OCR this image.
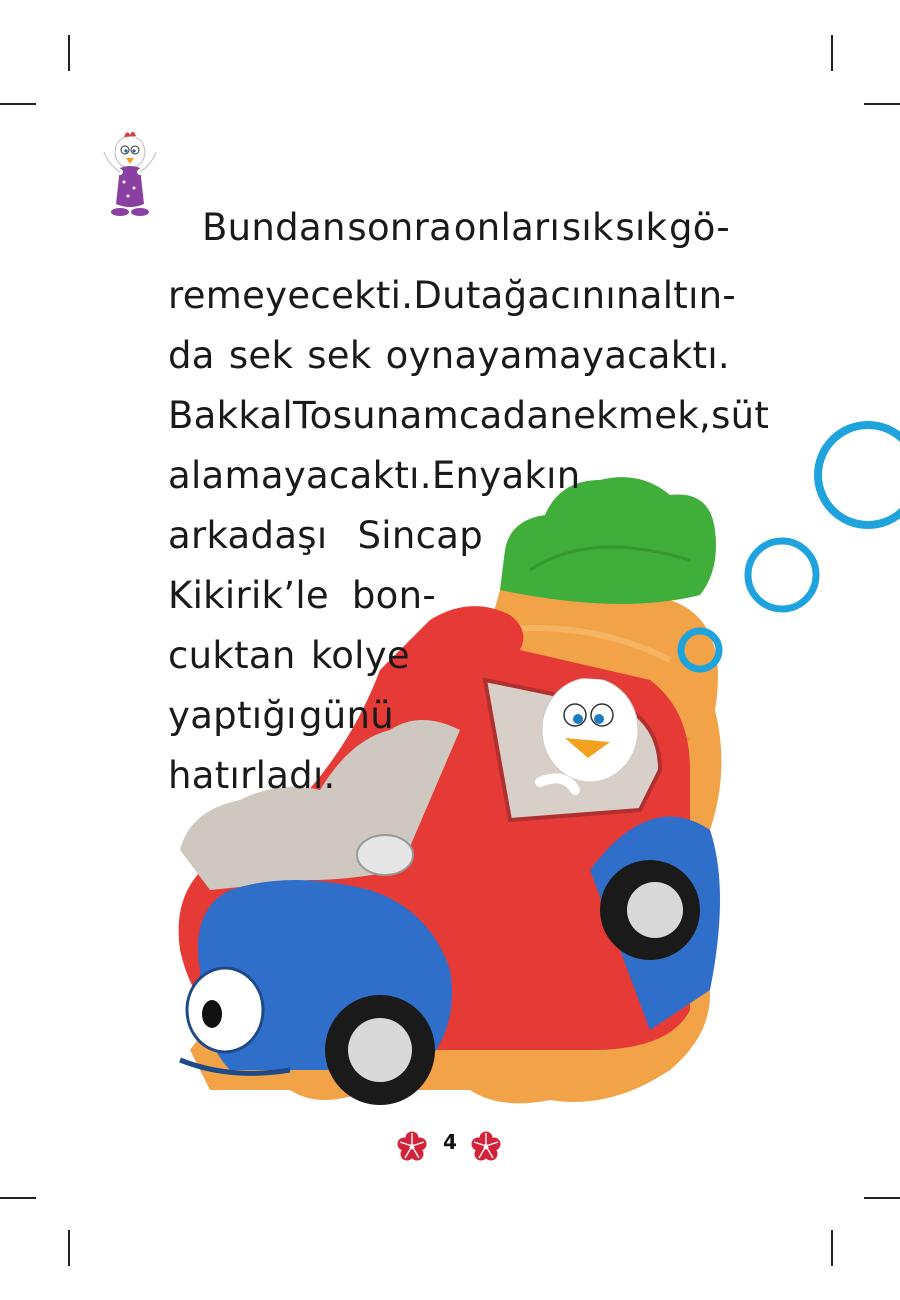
Bundan sonra onları sık sık gö-
remeyecekti. Dut ağacının altın-
da sek sek oynayamayacaktı.
Bakkal Tosun amcadan ekmek, süt
alamayacaktı. En yakın
arkadaşı Sincap
Kikirik’le bon-
cuktan kolye
yaptığı günü
hatırladı.
4
